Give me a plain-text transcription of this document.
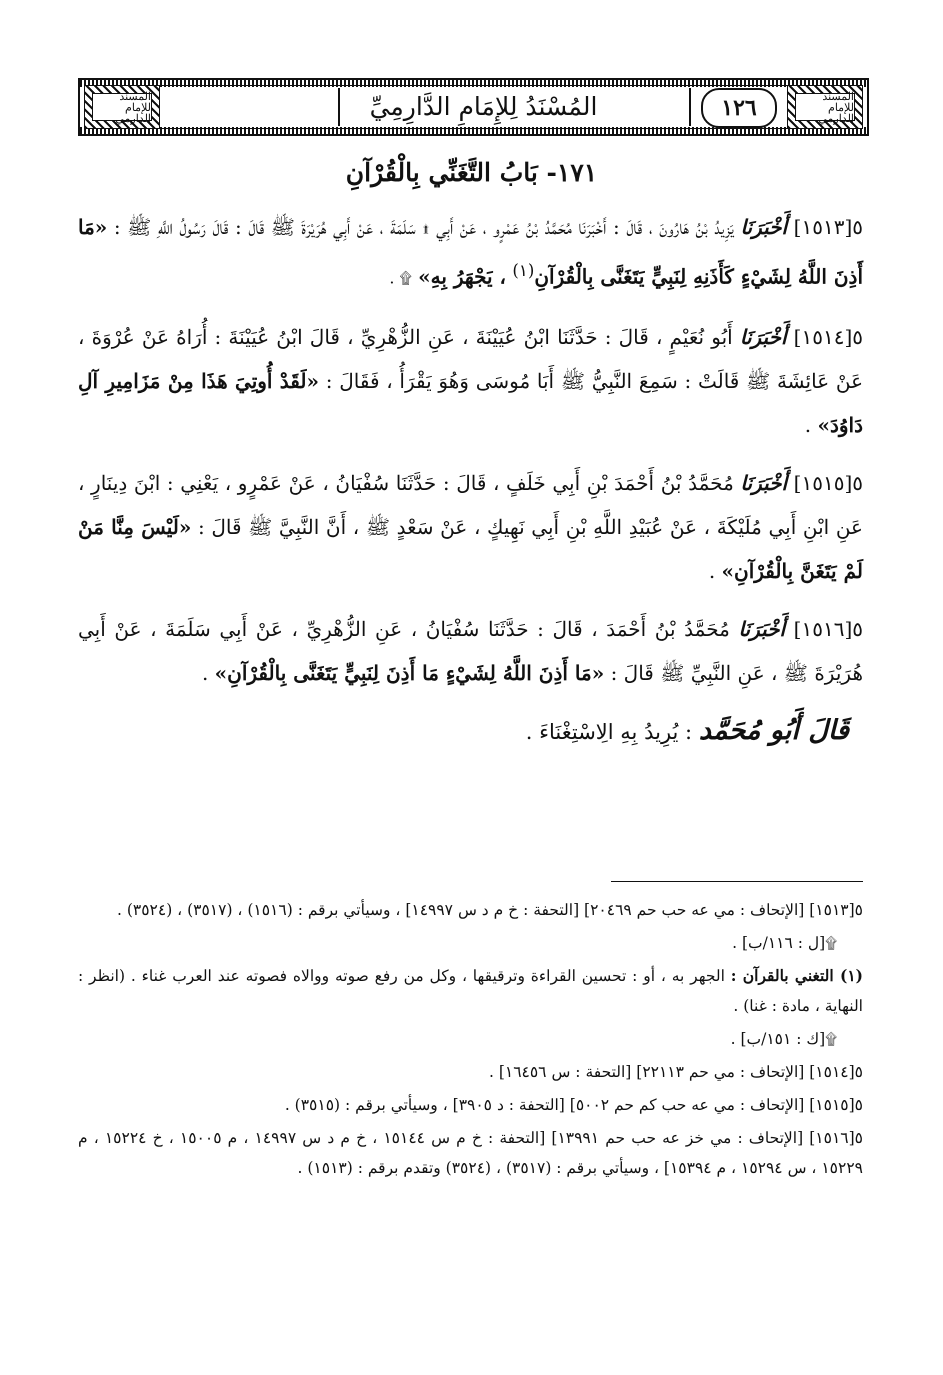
المسند للإمام الدارمي
المسند للإمام الدارمي
المُسْنَدُ لِلإِمَامِ الدَّارِمِيِّ	١٢٦
١٧١- بَابُ التَّغَنِّي بِالْقُرْآنِ

٥[١٥١٣] أَخْبَرَنَا يَزِيدُ بْنُ هَارُونَ ، قَالَ : أَخْبَرَنَا مُحَمَّدُ بْنُ عَمْرٍو ، عَنْ أَبِي ۩ سَلَمَةَ ، عَنْ أَبِي هُرَيْرَةَ ﷺ قَالَ : قَالَ رَسُولُ اللَّهِ ﷺ : «مَا أَذِنَ اللَّهُ لِشَيْءٍ كَأَذَنِهِ لِنَبِيٍّ يَتَغَنَّى بِالْقُرْآنِ$^{(١)}$ ، يَجْهَرُ بِهِ» ۩ .

٥[١٥١٤] أَخْبَرَنَا أَبُو نُعَيْمٍ ، قَالَ : حَدَّثَنَا ابْنُ عُيَيْنَةَ ، عَنِ الزُّهْرِيِّ ، قَالَ ابْنُ عُيَيْنَةَ : أُرَاهُ عَنْ عُرْوَةَ ، عَنْ عَائِشَةَ ﷺ قَالَتْ : سَمِعَ النَّبِيُّ ﷺ أَبَا مُوسَى وَهُوَ يَقْرَأُ ، فَقَالَ : «لَقَدْ أُوتِيَ هَذَا مِنْ مَزَامِيرِ آلِ دَاوُدَ» .

٥[١٥١٥] أَخْبَرَنَا مُحَمَّدُ بْنُ أَحْمَدَ بْنِ أَبِي خَلَفٍ ، قَالَ : حَدَّثَنَا سُفْيَانُ ، عَنْ عَمْرٍو ، يَعْنِي : ابْنَ دِينَارٍ ، عَنِ ابْنِ أَبِي مُلَيْكَةَ ، عَنْ عُبَيْدِ اللَّهِ بْنِ أَبِي نَهِيكٍ ، عَنْ سَعْدٍ ﷺ ، أَنَّ النَّبِيَّ ﷺ قَالَ : «لَيْسَ مِنَّا مَنْ لَمْ يَتَغَنَّ بِالْقُرْآنِ» .

٥[١٥١٦] أَخْبَرَنَا مُحَمَّدُ بْنُ أَحْمَدَ ، قَالَ : حَدَّثَنَا سُفْيَانُ ، عَنِ الزُّهْرِيِّ ، عَنْ أَبِي سَلَمَةَ ، عَنْ أَبِي هُرَيْرَةَ ﷺ ، عَنِ النَّبِيِّ ﷺ قَالَ : «مَا أَذِنَ اللَّهُ لِشَيْءٍ مَا أَذِنَ لِنَبِيٍّ يَتَغَنَّى بِالْقُرْآنِ» .

قَالَ أَبُو مُحَمَّد : يُرِيدُ بِهِ الِاسْتِغْنَاءَ .

٥[١٥١٣] [الإتحاف : مي عه حب حم ٢٠٤٦٩] [التحفة : خ م د س ١٤٩٩٧] ، وسيأتي برقم : (١٥١٦) ، (٣٥١٧) ، (٣٥٢٤) .

۩[ل : ١١٦/ب] .

(١) التغني بالقرآن : الجهر به ، أو : تحسين القراءة وترقيقها ، وكل من رفع صوته ووالاه فصوته عند العرب غناء . (انظر : النهاية ، مادة : غنا) .

۩[ك : ١٥١/ب] .

٥[١٥١٤] [الإتحاف : مي حم ٢٢١١٣] [التحفة : س ١٦٤٥٦] .

٥[١٥١٥] [الإتحاف : مي عه حب كم حم ٥٠٠٢] [التحفة : د ٣٩٠٥] ، وسيأتي برقم : (٣٥١٥) .

٥[١٥١٦] [الإتحاف : مي خز عه حب حم ١٣٩٩١] [التحفة : خ م س ١٥١٤٤ ، خ م د س ١٤٩٩٧ ، م ١٥٠٠٥ ، خ ١٥٢٢٤ ، م ١٥٢٢٩ ، س ١٥٢٩٤ ، م ١٥٣٩٤] ، وسيأتي برقم : (٣٥١٧) ، (٣٥٢٤) وتقدم برقم : (١٥١٣) .
